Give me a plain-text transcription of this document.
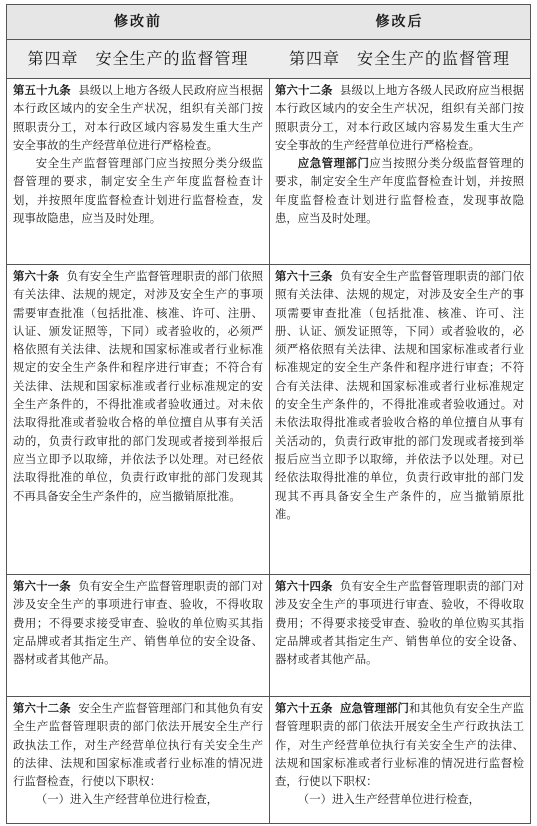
修改前
第四章　安全生产的监督管理

第五十九条 县级以上地方各级人民政府应当根据本行政区域内的安全生产状况，组织有关部门按照职责分工，对本行政区域内容易发生重大生产安全事故的生产经营单位进行严格检查。

安全生产监督管理部门应当按照分类分级监督管理的要求，制定安全生产年度监督检查计划，并按照年度监督检查计划进行监督检查，发现事故隐患，应当及时处理。

第六十条 负有安全生产监督管理职责的部门依照有关法律、法规的规定，对涉及安全生产的事项需要审查批准（包括批准、核准、许可、注册、认证、颁发证照等，下同）或者验收的，必须严格依照有关法律、法规和国家标准或者行业标准规定的安全生产条件和程序进行审查；不符合有关法律、法规和国家标准或者行业标准规定的安全生产条件的，不得批准或者验收通过。对未依法取得批准或者验收合格的单位擅自从事有关活动的，负责行政审批的部门发现或者接到举报后应当立即予以取缔，并依法予以处理。对已经依法取得批准的单位，负责行政审批的部门发现其不再具备安全生产条件的，应当撤销原批准。

第六十一条 负有安全生产监督管理职责的部门对涉及安全生产的事项进行审查、验收，不得收取费用；不得要求接受审查、验收的单位购买其指定品牌或者其指定生产、销售单位的安全设备、器材或者其他产品。

第六十二条 安全生产监督管理部门和其他负有安全生产监督管理职责的部门依法开展安全生产行政执法工作，对生产经营单位执行有关安全生产的法律、法规和国家标准或者行业标准的情况进行监督检查，行使以下职权：

（一）进入生产经营单位进行检查，

修改后
第四章　安全生产的监督管理

第六十二条 县级以上地方各级人民政府应当根据本行政区域内的安全生产状况，组织有关部门按照职责分工，对本行政区域内容易发生重大生产安全事故的生产经营单位进行严格检查。

应急管理部门应当按照分类分级监督管理的要求，制定安全生产年度监督检查计划，并按照年度监督检查计划进行监督检查，发现事故隐患，应当及时处理。

第六十三条 负有安全生产监督管理职责的部门依照有关法律、法规的规定，对涉及安全生产的事项需要审查批准（包括批准、核准、许可、注册、认证、颁发证照等，下同）或者验收的，必须严格依照有关法律、法规和国家标准或者行业标准规定的安全生产条件和程序进行审查；不符合有关法律、法规和国家标准或者行业标准规定的安全生产条件的，不得批准或者验收通过。对未依法取得批准或者验收合格的单位擅自从事有关活动的，负责行政审批的部门发现或者接到举报后应当立即予以取缔，并依法予以处理。对已经依法取得批准的单位，负责行政审批的部门发现其不再具备安全生产条件的，应当撤销原批准。

第六十四条 负有安全生产监督管理职责的部门对涉及安全生产的事项进行审查、验收，不得收取费用；不得要求接受审查、验收的单位购买其指定品牌或者其指定生产、销售单位的安全设备、器材或者其他产品。

第六十五条 应急管理部门和其他负有安全生产监督管理职责的部门依法开展安全生产行政执法工作，对生产经营单位执行有关安全生产的法律、法规和国家标准或者行业标准的情况进行监督检查，行使以下职权：

（一）进入生产经营单位进行检查，
